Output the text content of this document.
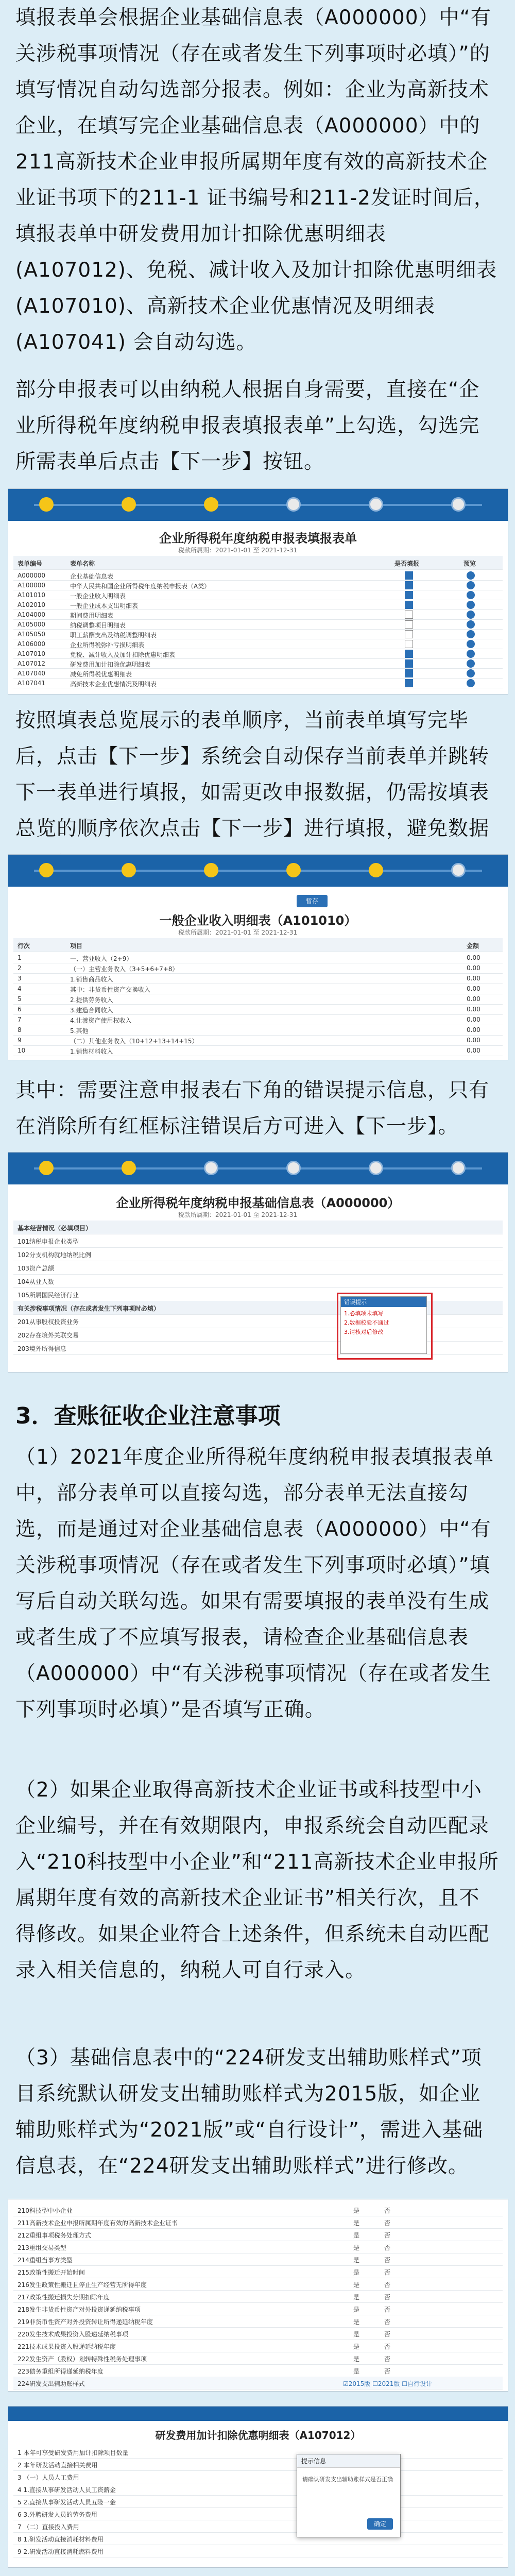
填报表单会根据企业基础信息表（A000000）中“有关涉税事项情况（存在或者发生下列事项时必填）”的填写情况自动勾选部分报表。例如：企业为高新技术企业，在填写完企业基础信息表（A000000）中的211高新技术企业申报所属期年度有效的高新技术企业证书项下的211-1 证书编号和211-2发证时间后，填报表单中研发费用加计扣除优惠明细表(A107012)、免税、减计收入及加计扣除优惠明细表(A107010)、高新技术企业优惠情况及明细表(A107041) 会自动勾选。

部分申报表可以由纳税人根据自身需要，直接在“企业所得税年度纳税申报表填报表单”上勾选，勾选完所需表单后点击【下一步】按钮。

企业所得税年度纳税申报表填报表单
税款所属期：2021-01-01 至 2021-12-31
表单编号	表单名称	是否填报	预览
A000000	企业基础信息表
A100000	中华人民共和国企业所得税年度纳税申报表（A类）
A101010	一般企业收入明细表
A102010	一般企业成本支出明细表
A104000	期间费用明细表
A105000	纳税调整项目明细表
A105050	职工薪酬支出及纳税调整明细表
A106000	企业所得税弥补亏损明细表
A107010	免税、减计收入及加计扣除优惠明细表
A107012	研发费用加计扣除优惠明细表
A107040	减免所得税优惠明细表
A107041	高新技术企业优惠情况及明细表

按照填表总览展示的表单顺序，当前表单填写完毕后，点击【下一步】系统会自动保存当前表单并跳转下一表单进行填报，如需更改申报数据，仍需按填表总览的顺序依次点击【下一步】进行填报，避免数据

暂存
一般企业收入明细表（A101010）
税款所属期：2021-01-01 至 2021-12-31
行次	项目	金额
1	一、营业收入（2+9）	0.00
2	（一）主营业务收入（3+5+6+7+8）	0.00
3	1.销售商品收入	0.00
4	其中：非货币性资产交换收入	0.00
5	2.提供劳务收入	0.00
6	3.建造合同收入	0.00
7	4.让渡资产使用权收入	0.00
8	5.其他	0.00
9	（二）其他业务收入（10+12+13+14+15）	0.00
10	1.销售材料收入	0.00

其中：需要注意申报表右下角的错误提示信息，只有在消除所有红框标注错误后方可进入【下一步】。

企业所得税年度纳税申报基础信息表（A000000）
税款所属期：2021-01-01 至 2021-12-31
基本经营情况（必填项目）
101纳税申报企业类型
102分支机构就地纳税比例
103资产总额
104从业人数
105所属国民经济行业
有关涉税事项情况（存在或者发生下列事项时必填）
201从事股权投资业务
202存在境外关联交易
203境外所得信息
错误提示
1.必填项未填写
2.数据校验不通过
3.请核对后修改

3．查账征收企业注意事项

（1）2021年度企业所得税年度纳税申报表填报表单中，部分表单可以直接勾选，部分表单无法直接勾选，而是通过对企业基础信息表（A000000）中“有关涉税事项情况（存在或者发生下列事项时必填）”填写后自动关联勾选。如果有需要填报的表单没有生成或者生成了不应填写报表，请检查企业基础信息表（A000000）中“有关涉税事项情况（存在或者发生下列事项时必填）”是否填写正确。

（2）如果企业取得高新技术企业证书或科技型中小企业编号，并在有效期限内，申报系统会自动匹配录入“210科技型中小企业”和“211高新技术企业申报所属期年度有效的高新技术企业证书”相关行次，且不得修改。如果企业符合上述条件，但系统未自动匹配录入相关信息的，纳税人可自行录入。

（3）基础信息表中的“224研发支出辅助账样式”项目系统默认研发支出辅助账样式为2015版，如企业辅助账样式为“2021版”或“自行设计”，需进入基础信息表，在“224研发支出辅助账样式”进行修改。

210科技型中小企业	是	否
211高新技术企业申报所属期年度有效的高新技术企业证书	是	否
212重组事项税务处理方式	是	否
213重组交易类型	是	否
214重组当事方类型	是	否
215政策性搬迁开始时间	是	否
216发生政策性搬迁且停止生产经营无所得年度	是	否
217政策性搬迁损失分期扣除年度	是	否
218发生非货币性资产对外投资递延纳税事项	是	否
219非货币性资产对外投资转让所得递延纳税年度	是	否
220发生技术成果投资入股递延纳税事项	是	否
221技术成果投资入股递延纳税年度	是	否
222发生资产（股权）划转特殊性税务处理事项	是	否
223债务重组所得递延纳税年度	是	否
224研发支出辅助账样式	☑2015版 ☐2021版 ☐自行设计
研发费用加计扣除优惠明细表（A107012）
1 本年可享受研发费用加计扣除项目数量
2 本年研发活动直接相关费用
3 （一）人员人工费用
4 1.直接从事研发活动人员工资薪金
5 2.直接从事研发活动人员五险一金
6 3.外聘研发人员的劳务费用
7 （二）直接投入费用
8 1.研发活动直接消耗材料费用
9 2.研发活动直接消耗燃料费用
提示信息
请确认研发支出辅助账样式是否正确
确定
